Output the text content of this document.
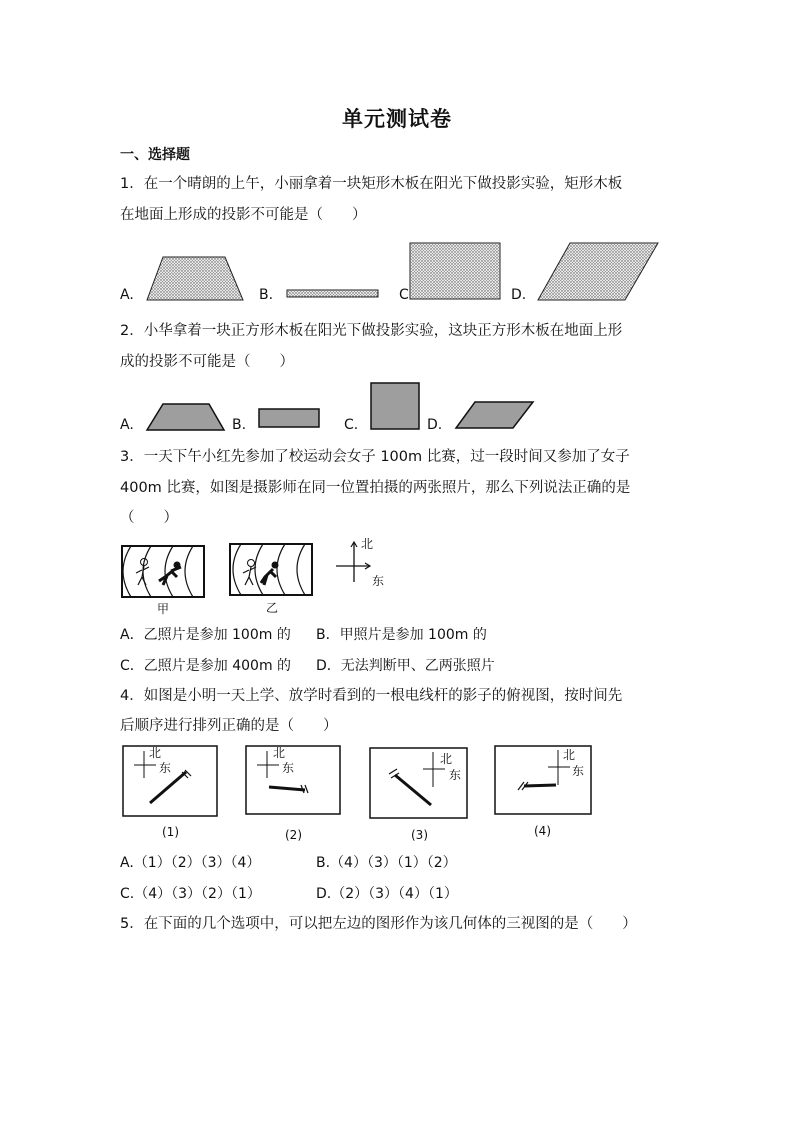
单元测试卷
一、选择题
1．在一个晴朗的上午，小丽拿着一块矩形木板在阳光下做投影实验，矩形木板
在地面上形成的投影不可能是（　　）
A.	B.	C	D.
2．小华拿着一块正方形木板在阳光下做投影实验，这块正方形木板在地面上形
成的投影不可能是（　　）
A.	B.	C.	D.
3．一天下午小红先参加了校运动会女子 100m 比赛，过一段时间又参加了女子
400m 比赛，如图是摄影师在同一位置拍摄的两张照片，那么下列说法正确的是
（　　）
甲	乙
北
东
A．乙照片是参加 100m 的 B．甲照片是参加 100m 的
C．乙照片是参加 400m 的 D．无法判断甲、乙两张照片
4．如图是小明一天上学、放学时看到的一根电线杆的影子的俯视图，按时间先
后顺序进行排列正确的是（　　）
北
东
(1)
北
东
(2)
北
东
(3)
北
东
(4)
A.（1）（2）（3）（4）	B.（4）（3）（1）（2）
C.（4）（3）（2）（1）	D.（2）（3）（4）（1）
5．在下面的几个选项中，可以把左边的图形作为该几何体的三视图的是（　　）
